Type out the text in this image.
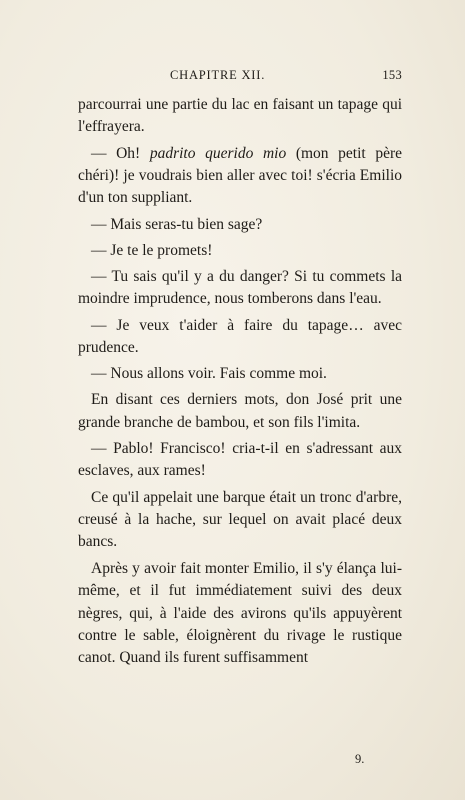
CHAPITRE XII.	153

parcourrai une partie du lac en faisant un tapage qui l'effrayera.

— Oh! padrito querido mio (mon petit père chéri)! je voudrais bien aller avec toi! s'écria Emilio d'un ton suppliant.

— Mais seras-tu bien sage?

— Je te le promets!

— Tu sais qu'il y a du danger? Si tu commets la moindre imprudence, nous tomberons dans l'eau.

— Je veux t'aider à faire du tapage… avec prudence.

— Nous allons voir. Fais comme moi.

En disant ces derniers mots, don José prit une grande branche de bambou, et son fils l'imita.

— Pablo! Francisco! cria-t-il en s'adressant aux esclaves, aux rames!

Ce qu'il appelait une barque était un tronc d'arbre, creusé à la hache, sur lequel on avait placé deux bancs.

Après y avoir fait monter Emilio, il s'y élança lui-même, et il fut immédiatement suivi des deux nègres, qui, à l'aide des avirons qu'ils appuyèrent contre le sable, éloignèrent du rivage le rustique canot. Quand ils furent suffisamment

9.
